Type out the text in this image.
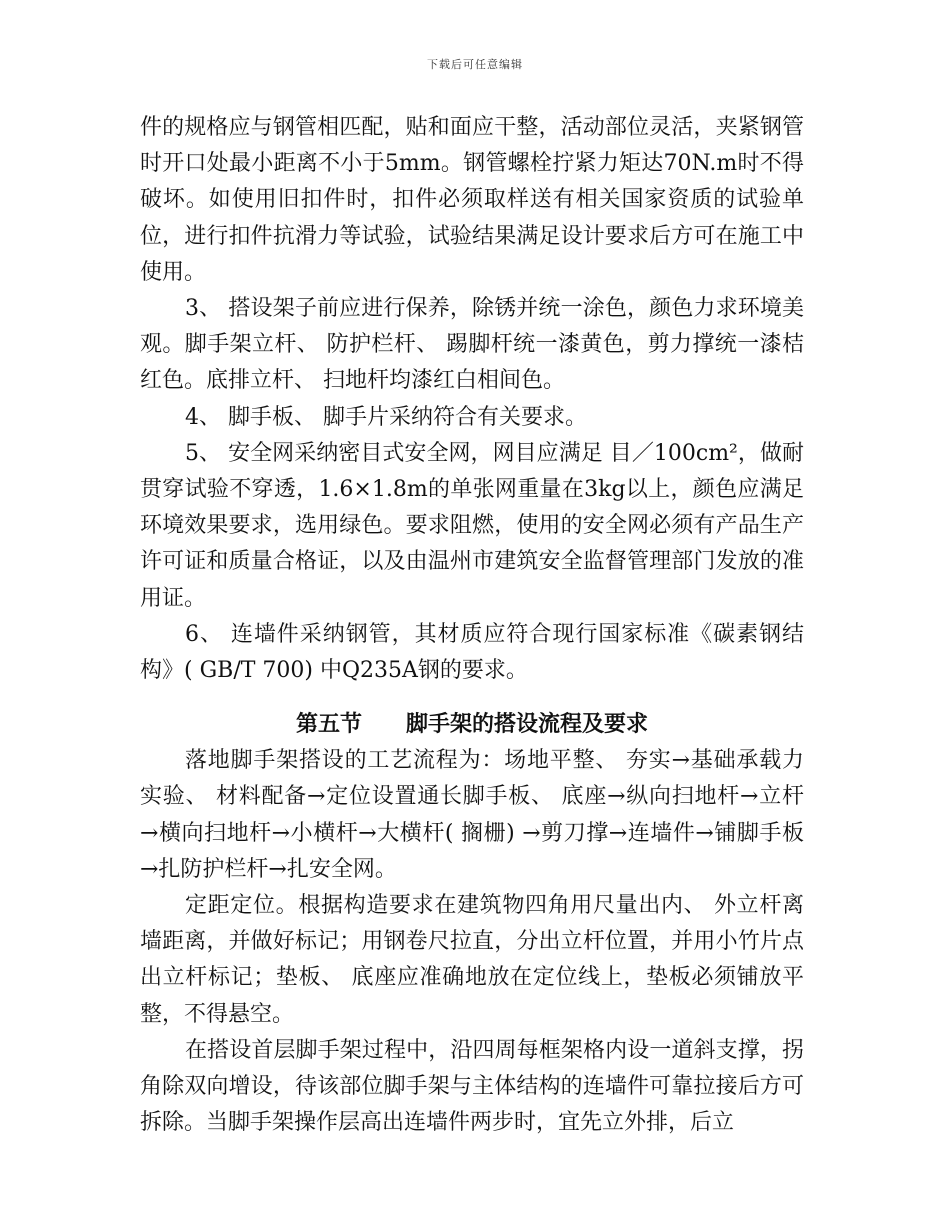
下载后可任意编辑

件的规格应与钢管相匹配，贴和面应干整，活动部位灵活，夹紧钢管时开口处最小距离不小于5mm。钢管螺栓拧紧力矩达70N.m时不得破坏。如使用旧扣件时，扣件必须取样送有相关国家资质的试验单位，进行扣件抗滑力等试验，试验结果满足设计要求后方可在施工中使用。

3、 搭设架子前应进行保养，除锈并统一涂色，颜色力求环境美观。脚手架立杆、 防护栏杆、 踢脚杆统一漆黄色，剪力撑统一漆桔红色。底排立杆、 扫地杆均漆红白相间色。

4、 脚手板、 脚手片采纳符合有关要求。

5、 安全网采纳密目式安全网，网目应满足 目／100cm²，做耐贯穿试验不穿透，1.6×1.8m的单张网重量在3kg以上，颜色应满足环境效果要求，选用绿色。要求阻燃，使用的安全网必须有产品生产许可证和质量合格证，以及由温州市建筑安全监督管理部门发放的准用证。

6、 连墙件采纳钢管，其材质应符合现行国家标准《碳素钢结构》( GB/T 700) 中Q235A钢的要求。

第五节　　脚手架的搭设流程及要求

落地脚手架搭设的工艺流程为：场地平整、 夯实→基础承载力实验、 材料配备→定位设置通长脚手板、 底座→纵向扫地杆→立杆　　→横向扫地杆→小横杆→大横杆( 搁栅) →剪刀撑→连墙件→铺脚手板→扎防护栏杆→扎安全网。

定距定位。根据构造要求在建筑物四角用尺量出内、 外立杆离墙距离，并做好标记；用钢卷尺拉直，分出立杆位置，并用小竹片点出立杆标记；垫板、 底座应准确地放在定位线上，垫板必须铺放平整，不得悬空。

在搭设首层脚手架过程中，沿四周每框架格内设一道斜支撑，拐角除双向增设，待该部位脚手架与主体结构的连墙件可靠拉接后方可拆除。当脚手架操作层高出连墙件两步时，宜先立外排，后立
